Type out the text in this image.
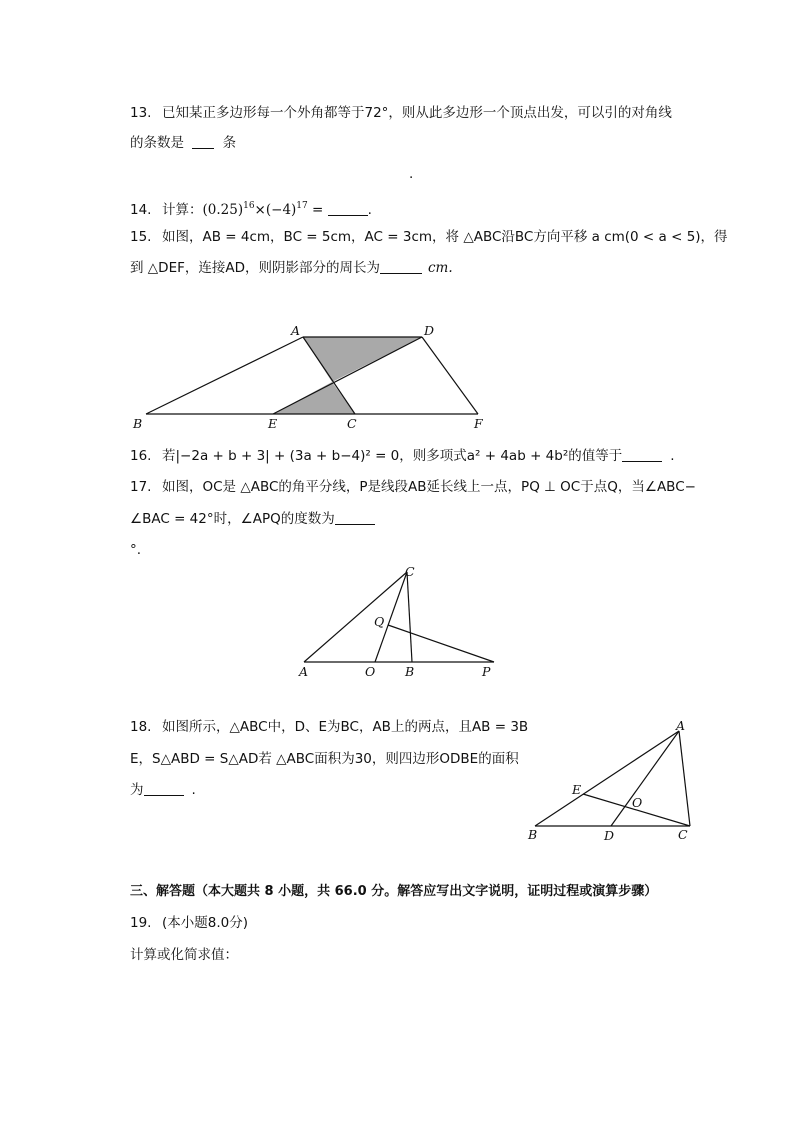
13. 已知某正多边形每一个外角都等于72°，则从此多边形一个顶点出发，可以引的对角线
的条数是	条
.
14. 计算：$(0.25)^{16}\times(-4)^{17}$ =	.
15. 如图，AB = 4cm，BC = 5cm，AC = 3cm，将 △ABC沿BC方向平移 a cm(0 < a < 5)，得
到 △DEF，连接AD，则阴影部分的周长为	cm.
A	D
B	E	C	F
16. 若|−2a + b + 3| + (3a + b−4)² = 0，则多项式a² + 4ab + 4b²的值等于	.
17. 如图，OC是 △ABC的角平分线，P是线段AB延长线上一点，PQ ⊥ OC于点Q，当∠ABC−
∠BAC = 42°时，∠APQ的度数为
°.
C
Q
A	O B	P
18. 如图所示，△ABC中，D、E为BC，AB上的两点，且AB = 3B
E，S△ABD = S△AD若 △ABC面积为30，则四边形ODBE的面积
为	.
A
E
O
B	D	C
三、解答题（本大题共 8 小题，共 66.0 分。解答应写出文字说明，证明过程或演算步骤）
19. (本小题8.0分)
计算或化简求值：
